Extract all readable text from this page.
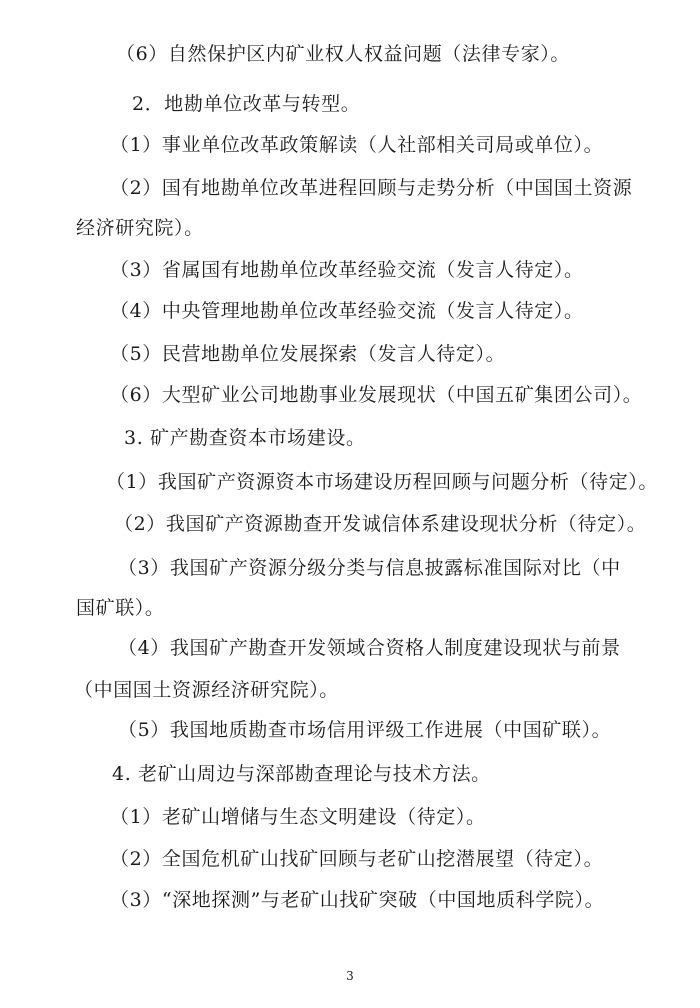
（6）自然保护区内矿业权人权益问题（法律专家）。
2．地勘单位改革与转型。
（1）事业单位改革政策解读（人社部相关司局或单位）。
（2）国有地勘单位改革进程回顾与走势分析（中国国土资源
经济研究院）。
（3）省属国有地勘单位改革经验交流（发言人待定）。
（4）中央管理地勘单位改革经验交流（发言人待定）。
（5）民营地勘单位发展探索（发言人待定）。
（6）大型矿业公司地勘事业发展现状（中国五矿集团公司）。
3. 矿产勘查资本市场建设。
（1）我国矿产资源资本市场建设历程回顾与问题分析（待定）。
（2）我国矿产资源勘查开发诚信体系建设现状分析（待定）。
（3）我国矿产资源分级分类与信息披露标准国际对比（中
国矿联）。
（4）我国矿产勘查开发领域合资格人制度建设现状与前景
（中国国土资源经济研究院）。
（5）我国地质勘查市场信用评级工作进展（中国矿联）。
4. 老矿山周边与深部勘查理论与技术方法。
（1）老矿山增储与生态文明建设（待定）。
（2）全国危机矿山找矿回顾与老矿山挖潜展望（待定）。
（3）“深地探测”与老矿山找矿突破（中国地质科学院）。
3
